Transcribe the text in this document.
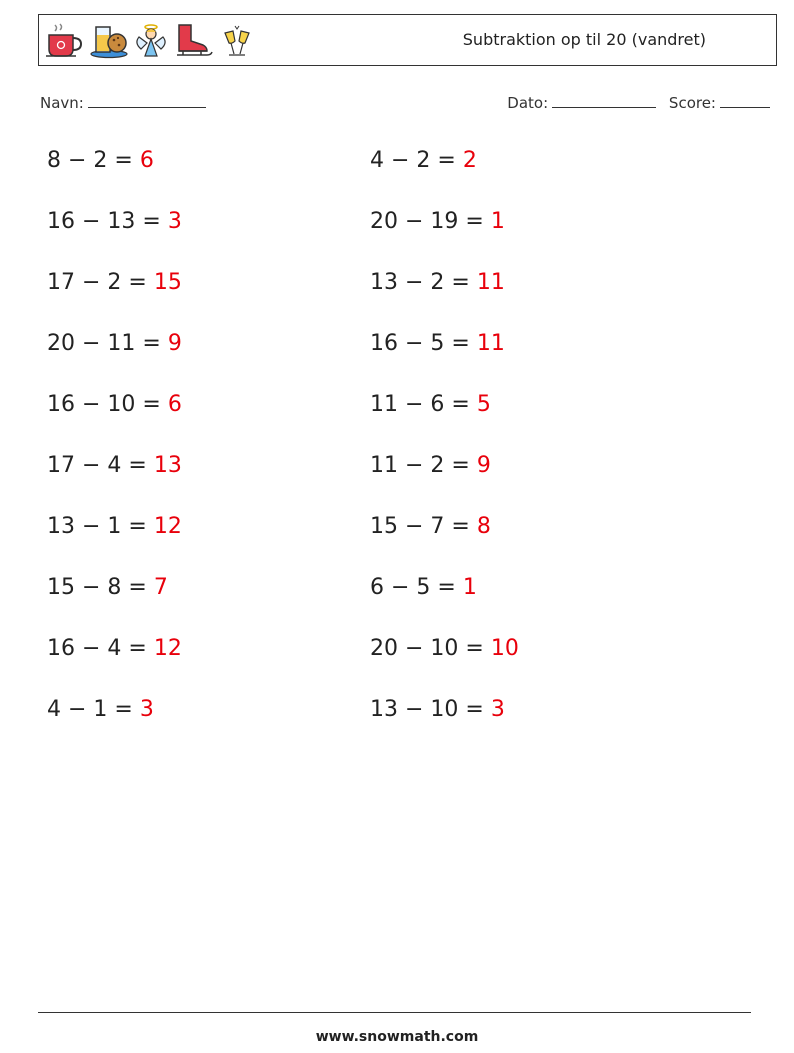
Subtraktion op til 20 (vandret)
Navn:	Dato:	Score:
8 − 2 = 6
16 − 13 = 3
17 − 2 = 15
20 − 11 = 9
16 − 10 = 6
17 − 4 = 13
13 − 1 = 12
15 − 8 = 7
16 − 4 = 12
4 − 1 = 3
4 − 2 = 2
20 − 19 = 1
13 − 2 = 11
16 − 5 = 11
11 − 6 = 5
11 − 2 = 9
15 − 7 = 8
6 − 5 = 1
20 − 10 = 10
13 − 10 = 3
www.snowmath.com
